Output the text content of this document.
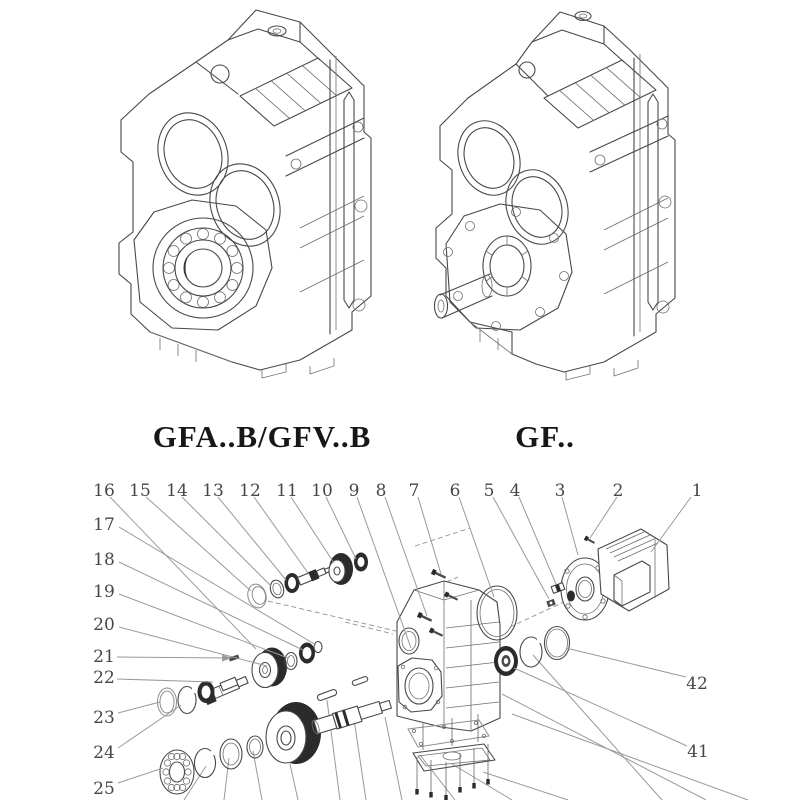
GFA..B/GFV..B	GF..
1
2
3
4
5
6
7
8
9
10
11
12
13
14
15
16
17
18
19
20
21
22
23
24
25
42
41
